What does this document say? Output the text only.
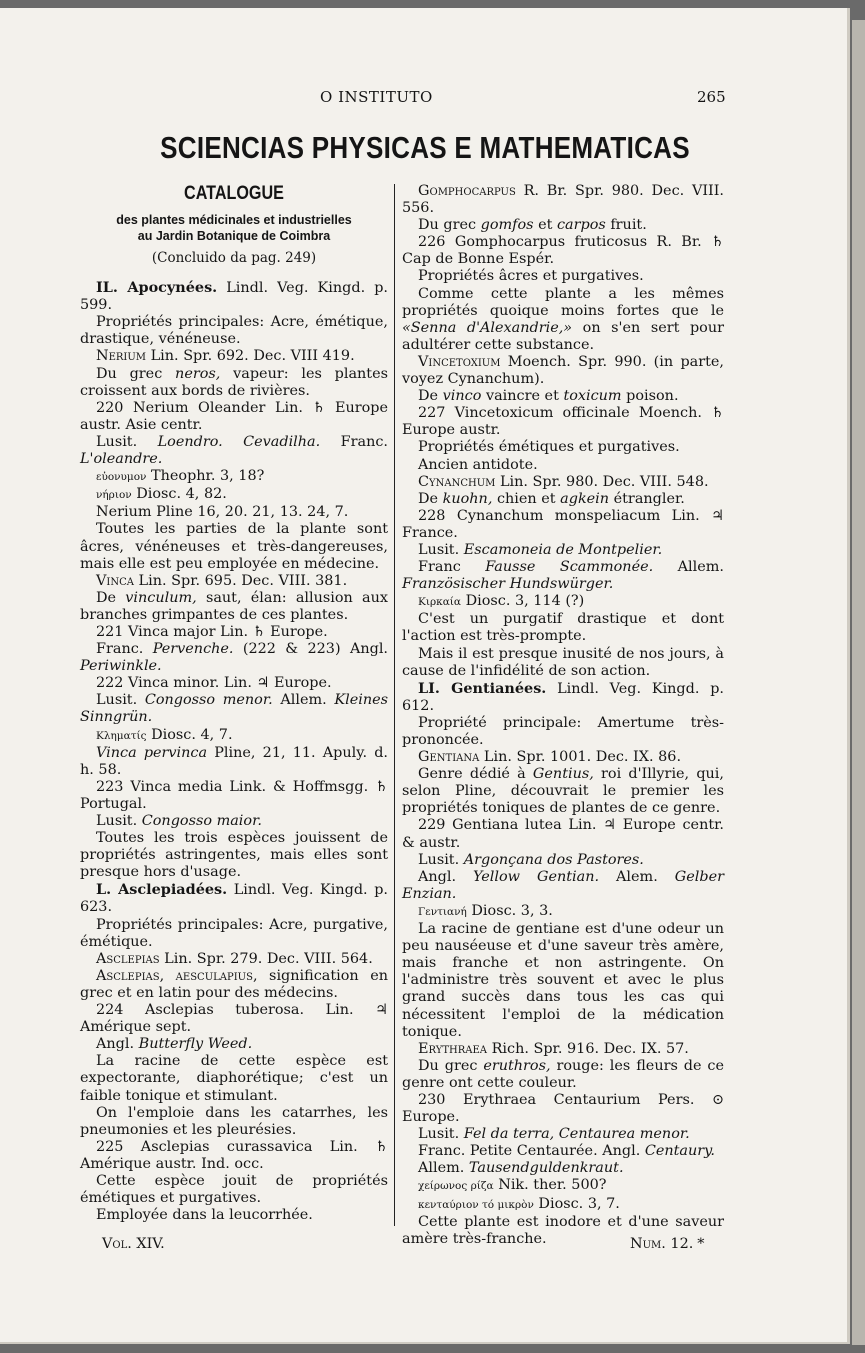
O INSTITUTO	265
SCIENCIAS PHYSICAS E MATHEMATICAS
CATALOGUE
des plantes médicinales et industrielles
au Jardin Botanique de Coimbra
(Concluido da pag. 249)

IL. Apocynées. Lindl. Veg. Kingd. p. 599.

Propriétés principales: Acre, émétique, drastique, vénéneuse.

Nerium Lin. Spr. 692. Dec. VIII 419.

Du grec neros, vapeur: les plantes croissent aux bords de rivières.

220 Nerium Oleander Lin. ♄ Europe austr. Asie centr.

Lusit. Loendro. Cevadilha. Franc. L'oleandre.

εὐονυμον Theophr. 3, 18?

νήριον Diosc. 4, 82.

Nerium Pline 16, 20. 21, 13. 24, 7.

Toutes les parties de la plante sont âcres, vénéneuses et très-dangereuses, mais elle est peu employée en médecine.

Vinca Lin. Spr. 695. Dec. VIII. 381.

De vinculum, saut, élan: allusion aux branches grimpantes de ces plantes.

221 Vinca major Lin. ♄ Europe.

Franc. Pervenche. (222 & 223) Angl. Periwinkle.

222 Vinca minor. Lin. ♃ Europe.

Lusit. Congosso menor. Allem. Kleines Sinngrün.

Κληματίς Diosc. 4, 7.

Vinca pervinca Pline, 21, 11. Apuly. d. h. 58.

223 Vinca media Link. & Hoffmsgg. ♄ Portugal.

Lusit. Congosso maior.

Toutes les trois espèces jouissent de propriétés astringentes, mais elles sont presque hors d'usage.

L. Asclepiadées. Lindl. Veg. Kingd. p. 623.

Propriétés principales: Acre, purgative, émétique.

Asclepias Lin. Spr. 279. Dec. VIII. 564.

Asclepias, aesculapius, signification en grec et en latin pour des médecins.

224 Asclepias tuberosa. Lin. ♃ Amérique sept.

Angl. Butterfly Weed.

La racine de cette espèce est expectorante, diaphorétique; c'est un faible tonique et stimulant.

On l'emploie dans les catarrhes, les pneumonies et les pleurésies.

225 Asclepias curassavica Lin. ♄ Amérique austr. Ind. occ.

Cette espèce jouit de propriétés émétiques et purgatives.

Employée dans la leucorrhée.

Gomphocarpus R. Br. Spr. 980. Dec. VIII. 556.

Du grec gomfos et carpos fruit.

226 Gomphocarpus fruticosus R. Br. ♄ Cap de Bonne Espér.

Propriétés âcres et purgatives.

Comme cette plante a les mêmes propriétés quoique moins fortes que le «Senna d'Alexandrie,» on s'en sert pour adultérer cette substance.

Vincetoxium Moench. Spr. 990. (in parte, voyez Cynanchum).

De vinco vaincre et toxicum poison.

227 Vincetoxicum officinale Moench. ♄ Europe austr.

Propriétés émétiques et purgatives.

Ancien antidote.

Cynanchum Lin. Spr. 980. Dec. VIII. 548.

De kuohn, chien et agkein étrangler.

228 Cynanchum monspeliacum Lin. ♃ France.

Lusit. Escamoneia de Montpelier.

Franc Fausse Scammonée. Allem. Französischer Hundswürger.

Κιρκαία Diosc. 3, 114 (?)

C'est un purgatif drastique et dont l'action est très-prompte.

Mais il est presque inusité de nos jours, à cause de l'infidélité de son action.

LI. Gentianées. Lindl. Veg. Kingd. p. 612.

Propriété principale: Amertume très-prononcée.

Gentiana Lin. Spr. 1001. Dec. IX. 86.

Genre dédié à Gentius, roi d'Illyrie, qui, selon Pline, découvrait le premier les propriétés toniques de plantes de ce genre.

229 Gentiana lutea Lin. ♃ Europe centr. & austr.

Lusit. Argonçana dos Pastores.

Angl. Yellow Gentian. Alem. Gelber Enzian.

Γεντιανή Diosc. 3, 3.

La racine de gentiane est d'une odeur un peu nauséeuse et d'une saveur très amère, mais franche et non astringente. On l'administre très souvent et avec le plus grand succès dans tous les cas qui nécessitent l'emploi de la médication tonique.

Erythraea Rich. Spr. 916. Dec. IX. 57.

Du grec eruthros, rouge: les fleurs de ce genre ont cette couleur.

230 Erythraea Centaurium Pers. ⊙ Europe.

Lusit. Fel da terra, Centaurea menor.

Franc. Petite Centaurée. Angl. Centaury.

Allem. Tausendguldenkraut.

χείρωνος ρίζα Nik. ther. 500?

κενταύριον τό μικρὸν Diosc. 3, 7.

Cette plante est inodore et d'une saveur amère très-franche.

Vol. XIV.	Num. 12. *
